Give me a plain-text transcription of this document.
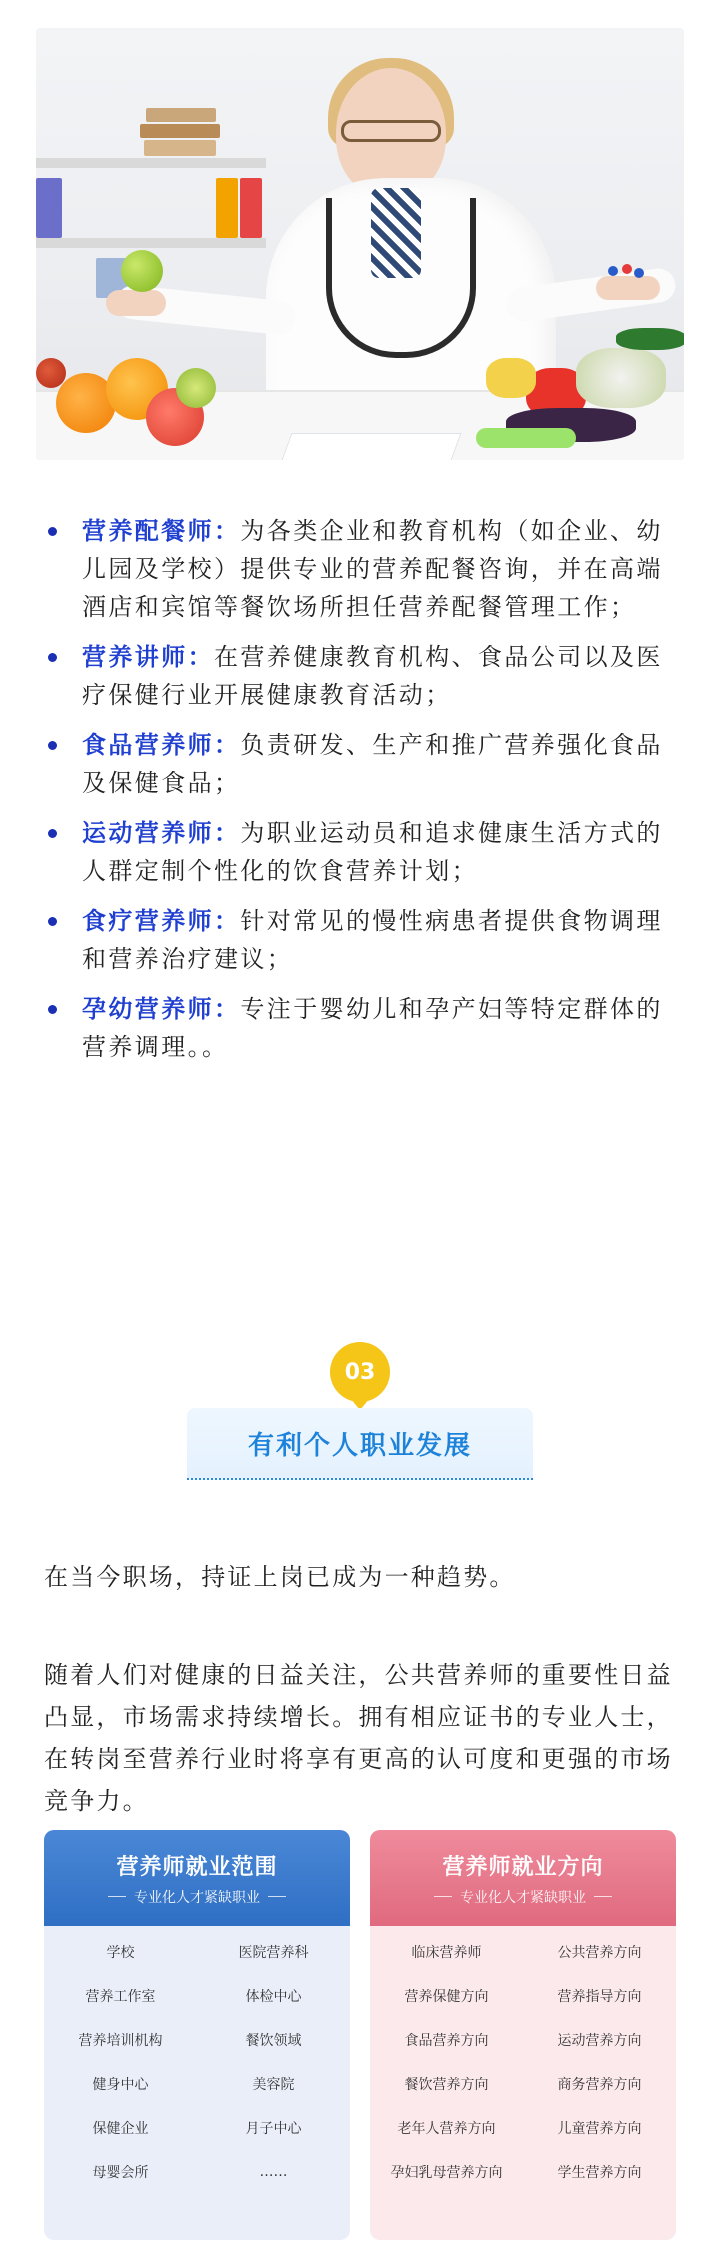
营养配餐师：为各类企业和教育机构（如企业、幼儿园及学校）提供专业的营养配餐咨询，并在高端酒店和宾馆等餐饮场所担任营养配餐管理工作；
营养讲师：在营养健康教育机构、食品公司以及医疗保健行业开展健康教育活动；
食品营养师：负责研发、生产和推广营养强化食品及保健食品；
运动营养师：为职业运动员和追求健康生活方式的人群定制个性化的饮食营养计划；
食疗营养师：针对常见的慢性病患者提供食物调理和营养治疗建议；
孕幼营养师：专注于婴幼儿和孕产妇等特定群体的营养调理。。
03
有利个人职业发展

在当今职场，持证上岗已成为一种趋势。

随着人们对健康的日益关注，公共营养师的重要性日益凸显，市场需求持续增长。拥有相应证书的专业人士，在转岗至营养行业时将享有更高的认可度和更强的市场竞争力。

营养师就业范围
专业化人才紧缺职业
学校	医院营养科
营养工作室	体检中心
营养培训机构	餐饮领域
健身中心	美容院
保健企业	月子中心
母婴会所	……
营养师就业方向
专业化人才紧缺职业
临床营养师	公共营养方向
营养保健方向	营养指导方向
食品营养方向	运动营养方向
餐饮营养方向	商务营养方向
老年人营养方向	儿童营养方向
孕妇乳母营养方向	学生营养方向
